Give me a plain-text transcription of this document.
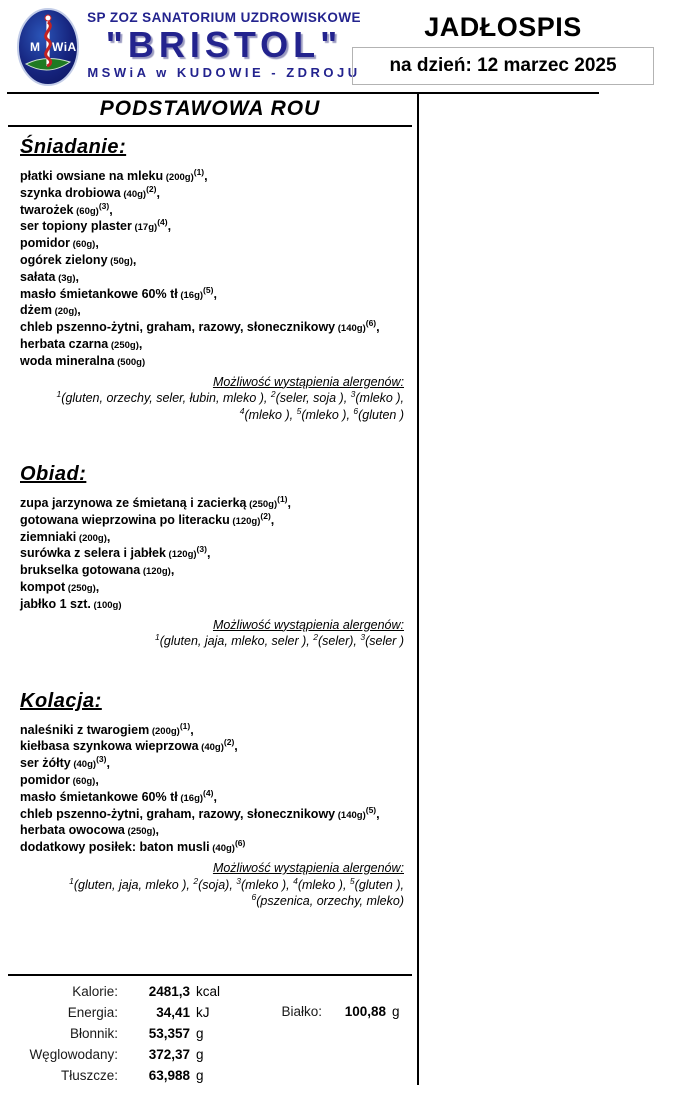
M WiA
SP ZOZ SANATORIUM UZDROWISKOWE
"BRISTOL"
MSWiA w KUDOWIE - ZDROJU
JADŁOSPIS
na dzień: 12 marzec 2025
PODSTAWOWA ROU
Śniadanie:
płatki owsiane na mleku $(200g)^{(1)}$,
szynka drobiowa $(40g)^{(2)}$,
twarożek $(60g)^{(3)}$,
ser topiony plaster $(17g)^{(4)}$,
pomidor (60g),
ogórek zielony (50g),
sałata (3g),
masło śmietankowe 60% tł $(16g)^{(5)}$,
dżem (20g),
chleb pszenno-żytni, graham, razowy, słonecznikowy $(140g)^{(6)}$,
herbata czarna (250g),
woda mineralna (500g)
Możliwość wystąpienia alergenów:
$^1$(gluten, orzechy, seler, łubin, mleko ), $^2$(seler, soja ), $^3$(mleko ),
$^4$(mleko ), $^5$(mleko ), $^6$(gluten )
Obiad:
zupa jarzynowa ze śmietaną i zacierką $(250g)^{(1)}$,
gotowana wieprzowina po literacku $(120g)^{(2)}$,
ziemniaki (200g),
surówka z selera i jabłek $(120g)^{(3)}$,
brukselka gotowana (120g),
kompot (250g),
jabłko 1 szt. (100g)
Możliwość wystąpienia alergenów:
$^1$(gluten, jaja, mleko, seler ), $^2$(seler), $^3$(seler )
Kolacja:
naleśniki z twarogiem $(200g)^{(1)}$,
kiełbasa szynkowa wieprzowa $(40g)^{(2)}$,
ser żółty $(40g)^{(3)}$,
pomidor (60g),
masło śmietankowe 60% tł $(16g)^{(4)}$,
chleb pszenno-żytni, graham, razowy, słonecznikowy $(140g)^{(5)}$,
herbata owocowa (250g),
dodatkowy posiłek: baton musli $(40g)^{(6)}$
Możliwość wystąpienia alergenów:
$^1$(gluten, jaja, mleko ), $^2$(soja), $^3$(mleko ), $^4$(mleko ), $^5$(gluten ),
$^6$(pszenica, orzechy, mleko)
Kalorie:	2481,3 kcal
Energia:	34,41 kJ
Błonnik:	53,357 g
Węglowodany:	372,37 g
Tłuszcze:	63,988 g
Białko:	100,88 g
